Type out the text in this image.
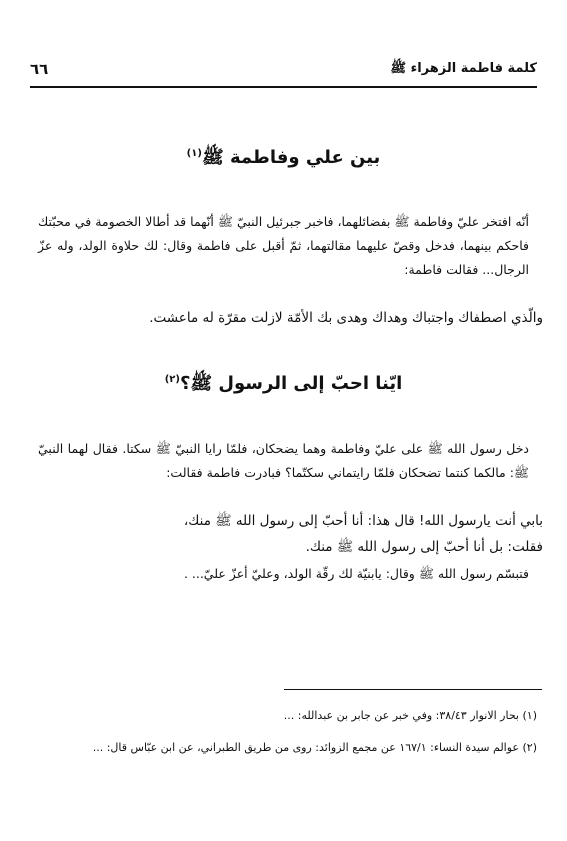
كلمة فاطمة الزهراء ﷺ
٦٦
بين علي وفاطمة ﷺ$^{(١)}$
أنّه افتخر عليّ وفاطمة ﷺ بفضائلهما، فاخبر جبرئيل النبيّ ﷺ أنّهما قد أطالا الخصومة في محبّتك فاحكم بينهما، فدخل وقصّ عليهما مقالتهما، ثمّ أقبل على فاطمة وقال: لك حلاوة الولد، وله عزّ الرجال... فقالت فاطمة:
والّذي اصطفاك واجتباك وهداك وهدى بك الأمّة لازلت مقرّة له ماعشت.
ايّنا احبّ إلى الرسول ﷺ؟$^{(٢)}$
دخل رسول الله ﷺ على عليّ وفاطمة وهما يضحكان، فلمّا رايا النبيّ ﷺ سكتا. فقال لهما النبيّ ﷺ: مالكما كنتما تضحكان فلمّا رايتماني سكتّما؟ فبادرت فاطمة فقالت:
بابي أنت يارسول الله! قال هذا: أنا أحبّ إلى رسول الله ﷺ منك،
فقلت: بل أنا أحبّ إلى رسول الله ﷺ منك.
فتبسّم رسول الله ﷺ وقال: يابنيّة لك رقّة الولد، وعليّ أعزّ عليّ... .
(١) بحار الانوار ٣٨/٤٣: وفي خبر عن جابر بن عبدالله: ...
(٢) عوالم سيدة النساء: ١٦٧/١ عن مجمع الزوائد: روى من طريق الطبراني، عن ابن عبّاس قال: ...
